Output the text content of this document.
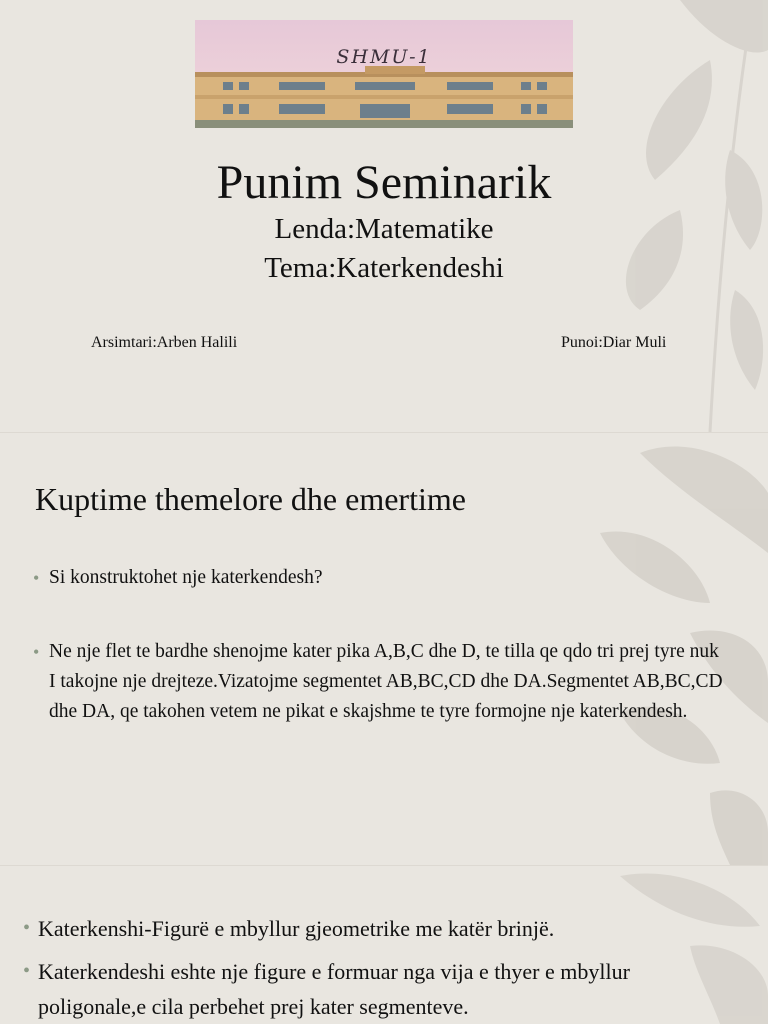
SHMU-1
Punim Seminarik
Lenda:Matematike
Tema:Katerkendeshi
Arsimtari:Arben Halili	Punoi:Diar Muli
Kuptime themelore dhe emertime
• Si konstruktohet nje katerkendesh?
• Ne nje flet te bardhe shenojme kater pika A,B,C dhe D, te tilla qe qdo tri prej tyre nuk I takojne nje drejteze.Vizatojme segmentet AB,BC,CD dhe DA.Segmentet AB,BC,CD dhe DA, qe takohen vetem ne pikat e skajshme te tyre formojne nje katerkendesh.
• Katerkenshi-Figurë e mbyllur gjeometrike me katër brinjë.
• Katerkendeshi eshte nje figure e formuar nga vija e thyer e mbyllur poligonale,e cila perbehet prej kater segmenteve.
